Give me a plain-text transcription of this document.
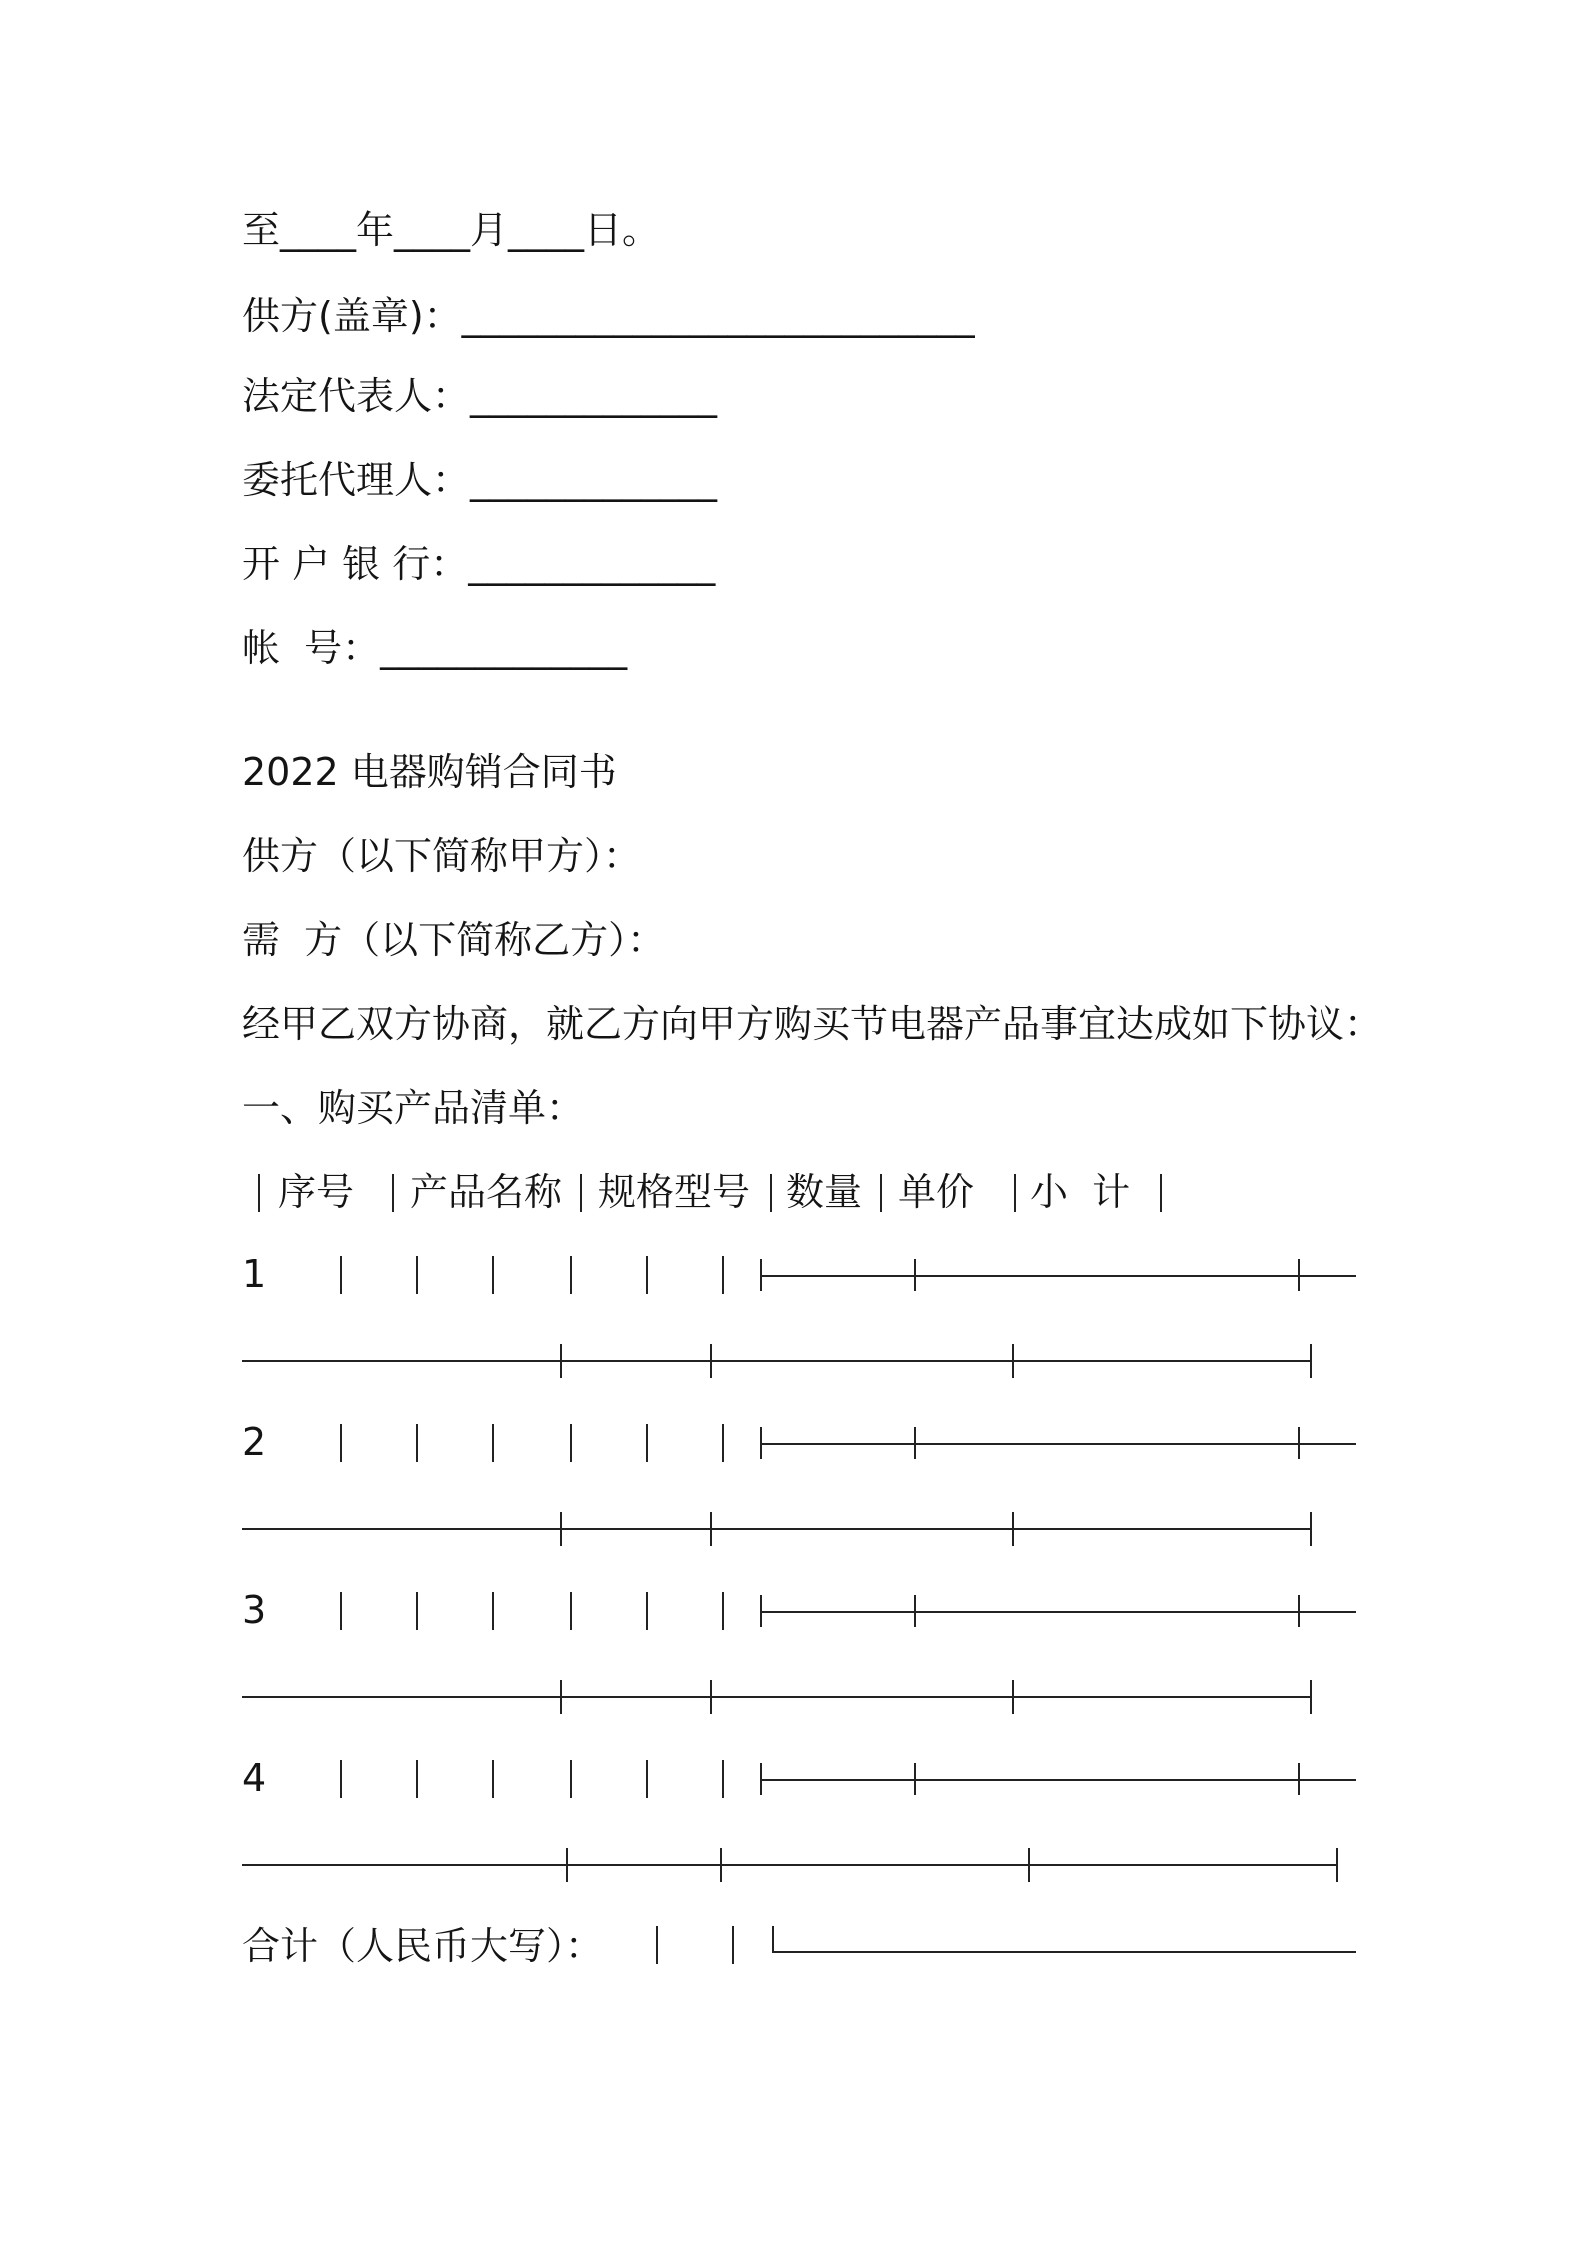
至____年____月____日。
供方(盖章)：___________________________
法定代表人：_____________
委托代理人：_____________
开 户 银 行：_____________
帐  号：_____________
2022 电器购销合同书
供方（以下简称甲方）：
需  方（以下简称乙方）：
经甲乙双方协商，就乙方向甲方购买节电器产品事宜达成如下协议：
一、购买产品清单：
序号 产品名称 规格型号 数量 单价 小  计
1
2
3
4
合计（人民币大写）：
